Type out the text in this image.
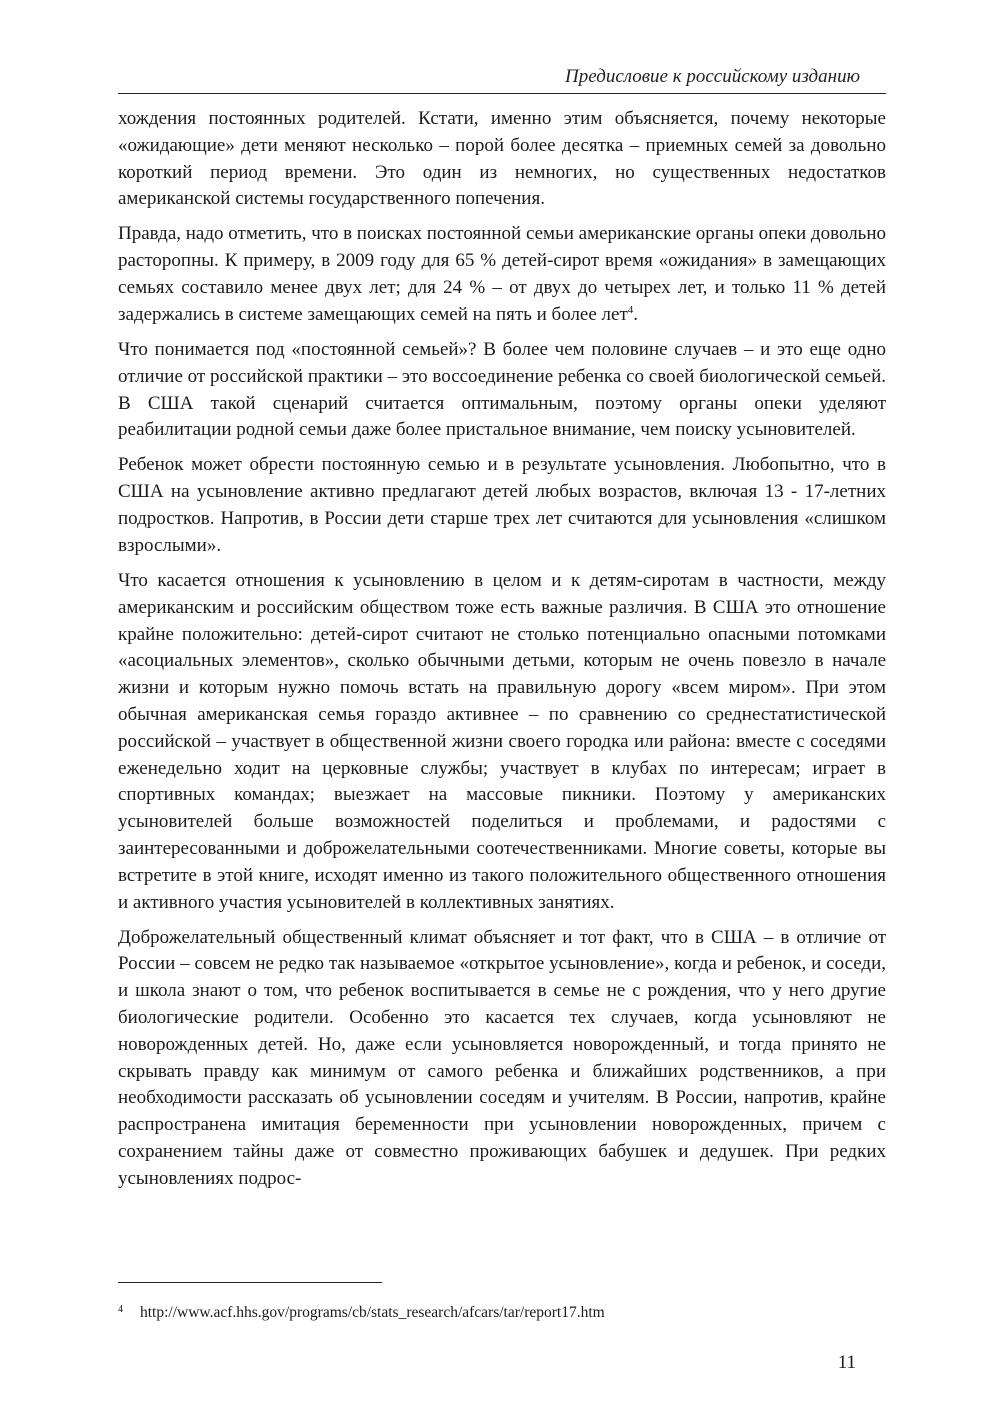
Предисловие к российскому изданию

хождения постоянных родителей. Кстати, именно этим объясняется, почему некоторые «ожидающие» дети меняют несколько – порой более десятка – приемных семей за довольно короткий период времени. Это один из немногих, но существенных недостатков американской системы государственного попечения.

Правда, надо отметить, что в поисках постоянной семьи американские органы опеки довольно расторопны. К примеру, в 2009 году для 65 % детей-сирот время «ожидания» в замещающих семьях составило менее двух лет; для 24 % – от двух до четырех лет, и только 11 % детей задержались в системе замещающих семей на пять и более лет$^4$.

Что понимается под «постоянной семьей»? В более чем половине случаев – и это еще одно отличие от российской практики – это воссоединение ребенка со своей биологической семьей. В США такой сценарий считается оптимальным, поэтому органы опеки уделяют реабилитации родной семьи даже более пристальное внимание, чем поиску усыновителей.

Ребенок может обрести постоянную семью и в результате усыновления. Любопытно, что в США на усыновление активно предлагают детей любых возрастов, включая 13 - 17-летних подростков. Напротив, в России дети старше трех лет считаются для усыновления «слишком взрослыми».

Что касается отношения к усыновлению в целом и к детям-сиротам в частности, между американским и российским обществом тоже есть важные различия. В США это отношение крайне положительно: детей-сирот считают не столько потенциально опасными потомками «асоциальных элементов», сколько обычными детьми, которым не очень повезло в начале жизни и которым нужно помочь встать на правильную дорогу «всем миром». При этом обычная американская семья гораздо активнее – по сравнению со среднестатистической российской – участвует в общественной жизни своего городка или района: вместе с соседями еженедельно ходит на церковные службы; участвует в клубах по интересам; играет в спортивных командах; выезжает на массовые пикники. Поэтому у американских усыновителей больше возможностей поделиться и проблемами, и радостями с заинтересованными и доброжелательными соотечественниками. Многие советы, которые вы встретите в этой книге, исходят именно из такого положительного общественного отношения и активного участия усыновителей в коллективных занятиях.

Доброжелательный общественный климат объясняет и тот факт, что в США – в отличие от России – совсем не редко так называемое «открытое усыновление», когда и ребенок, и соседи, и школа знают о том, что ребенок воспитывается в семье не с рождения, что у него другие биологические родители. Особенно это касается тех случаев, когда усыновляют не новорожденных детей. Но, даже если усыновляется новорожденный, и тогда принято не скрывать правду как минимум от самого ребенка и ближайших родственников, а при необходимости рассказать об усыновлении соседям и учителям. В России, напротив, крайне распространена имитация беременности при усыновлении новорожденных, причем с сохранением тайны даже от совместно проживающих бабушек и дедушек. При редких усыновлениях подрос-

4 http://www.acf.hhs.gov/programs/cb/stats_research/afcars/tar/report17.htm
11
